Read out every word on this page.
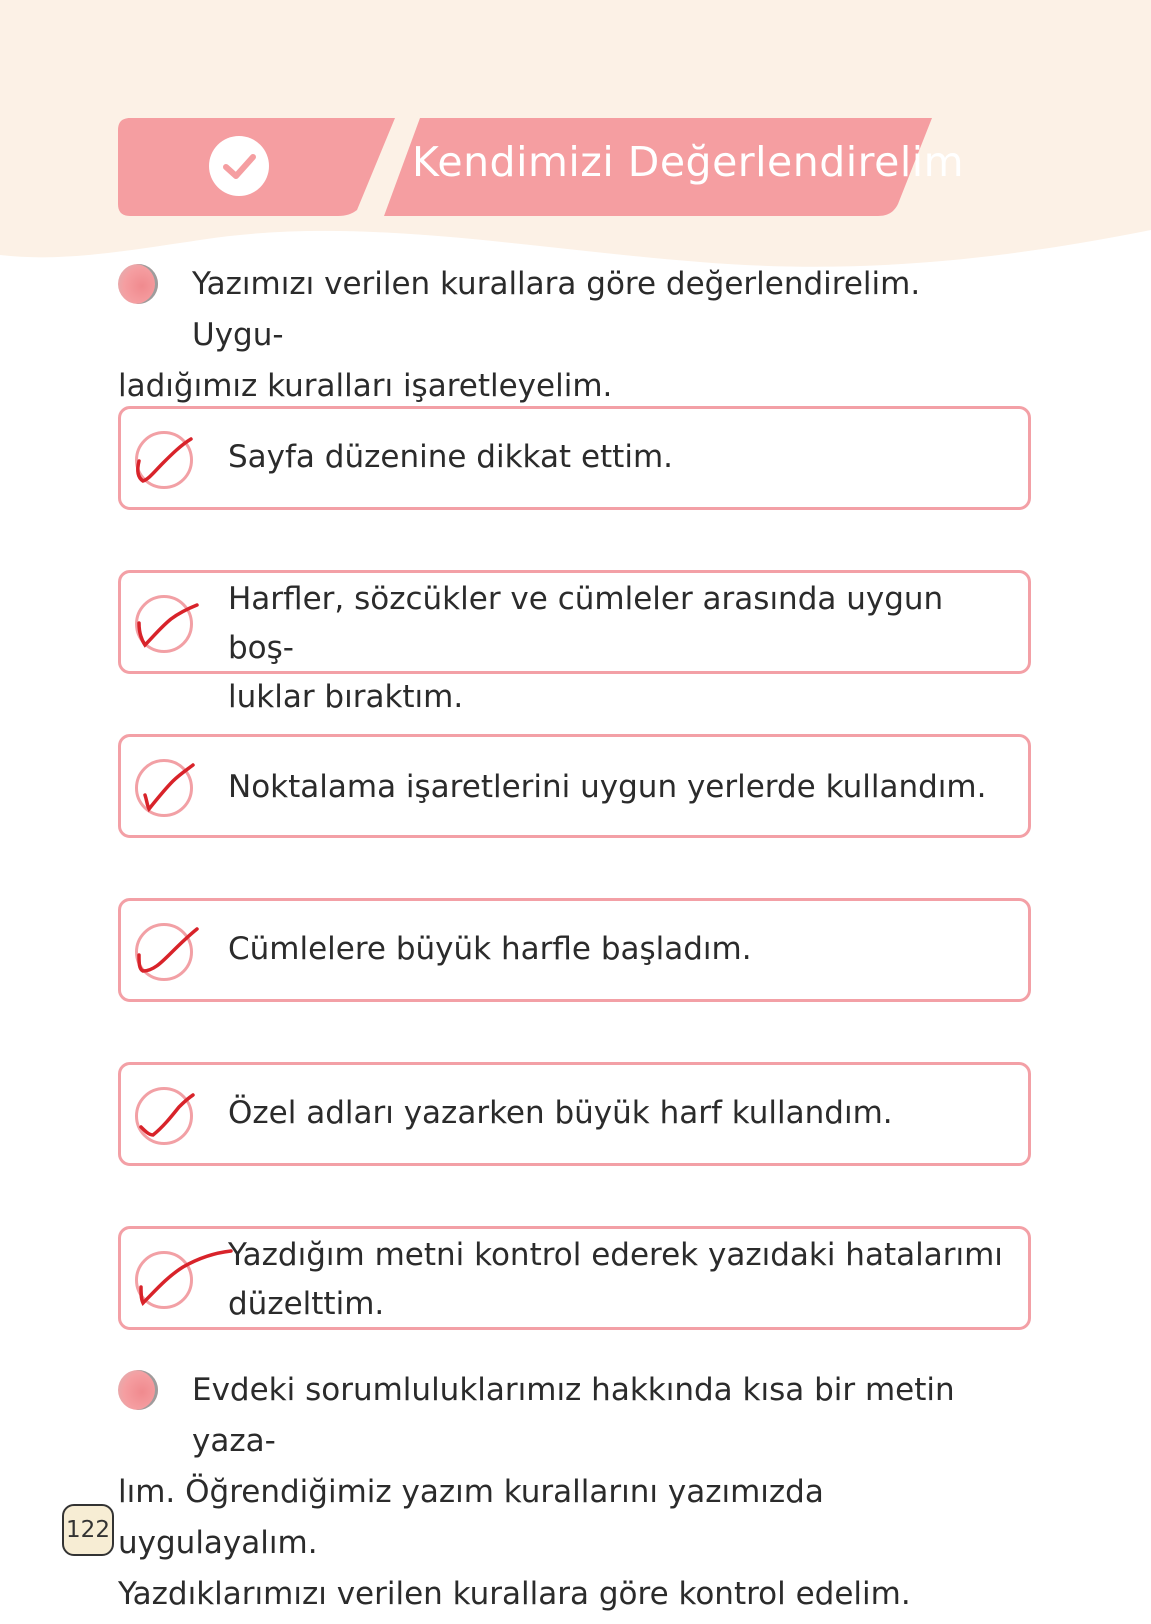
Kendimizi Değerlendirelim
Yazımızı verilen kurallara göre değerlendirelim. Uygu-
ladığımız kuralları işaretleyelim.
Sayfa düzenine dikkat ettim.
Harfler, sözcükler ve cümleler arasında uygun boş-
luklar bıraktım.
Noktalama işaretlerini uygun yerlerde kullandım.
Cümlelere büyük harfle başladım.
Özel adları yazarken büyük harf kullandım.
Yazdığım metni kontrol ederek yazıdaki hatalarımı
düzelttim.
Evdeki sorumluluklarımız hakkında kısa bir metin yaza-
lım. Öğrendiğimiz yazım kurallarını yazımızda uygulayalım.
Yazdıklarımızı verilen kurallara göre kontrol edelim.
122
